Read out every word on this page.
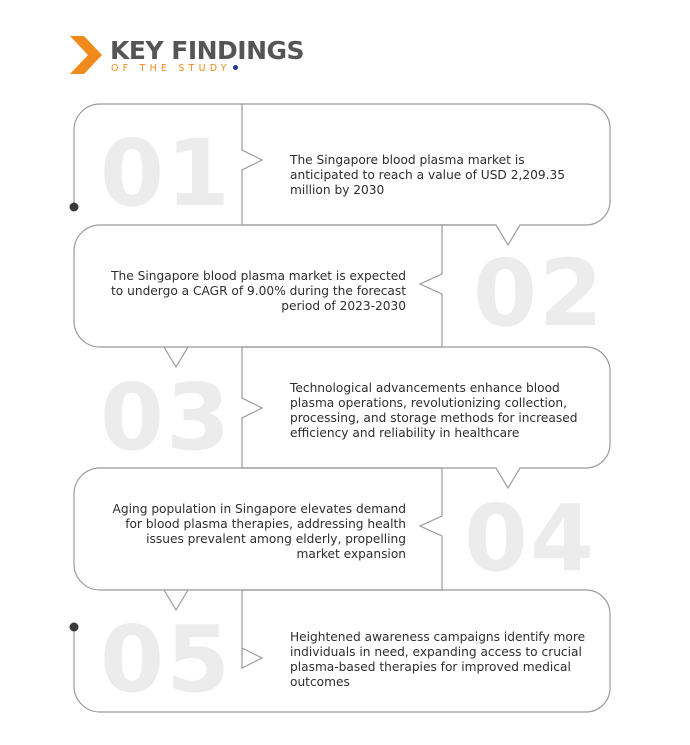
KEY FINDINGS
OF THE STUDY
01
02
03
04
05
The Singapore blood plasma market is anticipated to reach a value of USD 2,209.35 million by 2030
The Singapore blood plasma market is expected to undergo a CAGR of 9.00% during the forecast period of 2023-2030
Technological advancements enhance blood plasma operations, revolutionizing collection, processing, and storage methods for increased efficiency and reliability in healthcare
Aging population in Singapore elevates demand for blood plasma therapies, addressing health issues prevalent among elderly, propelling market expansion
Heightened awareness campaigns identify more individuals in need, expanding access to crucial plasma-based therapies for improved medical outcomes
